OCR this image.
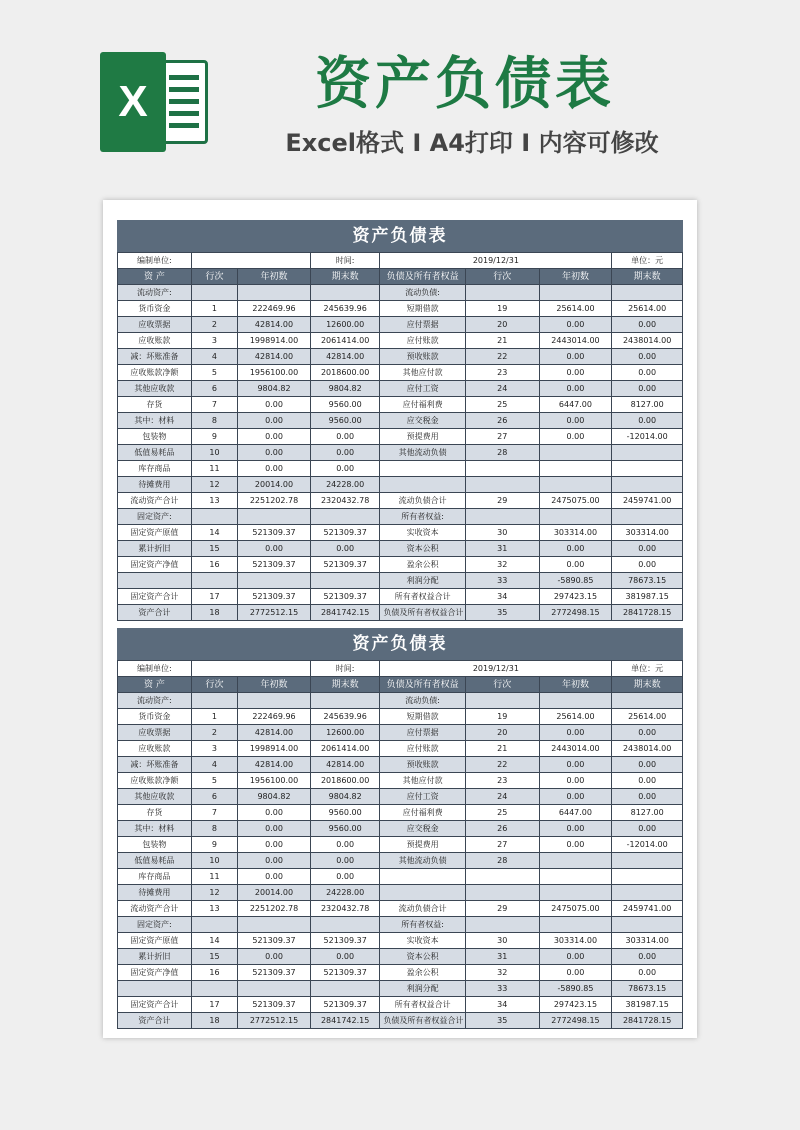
X	资产负债表
Excel格式 I A4打印 I 内容可修改
资产负债表
编制单位:			时间:	2019/12/31			单位：元
资 产	行次	年初数	期末数	负债及所有者权益	行次	年初数	期末数
流动资产:				流动负债:			
货币资金	1	222469.96	245639.96	短期借款	19	25614.00	25614.00
应收票据	2	42814.00	12600.00	应付票据	20	0.00	0.00
应收账款	3	1998914.00	2061414.00	应付账款	21	2443014.00	2438014.00
减：坏账准备	4	42814.00	42814.00	预收账款	22	0.00	0.00
应收账款净额	5	1956100.00	2018600.00	其他应付款	23	0.00	0.00
其他应收款	6	9804.82	9804.82	应付工资	24	0.00	0.00
存货	7	0.00	9560.00	应付福利费	25	6447.00	8127.00
其中：材料	8	0.00	9560.00	应交税金	26	0.00	0.00
包装物	9	0.00	0.00	预提费用	27	0.00	-12014.00
低值易耗品	10	0.00	0.00	其他流动负债	28		
库存商品	11	0.00	0.00				
待摊费用	12	20014.00	24228.00				
流动资产合计	13	2251202.78	2320432.78	流动负债合计	29	2475075.00	2459741.00
固定资产:				所有者权益:			
固定资产原值	14	521309.37	521309.37	实收资本	30	303314.00	303314.00
累计折旧	15	0.00	0.00	资本公积	31	0.00	0.00
固定资产净值	16	521309.37	521309.37	盈余公积	32	0.00	0.00
				利润分配	33	-5890.85	78673.15
固定资产合计	17	521309.37	521309.37	所有者权益合计	34	297423.15	381987.15
资产合计	18	2772512.15	2841742.15	负债及所有者权益合计	35	2772498.15	2841728.15
资产负债表
编制单位:			时间:	2019/12/31			单位：元
资 产	行次	年初数	期末数	负债及所有者权益	行次	年初数	期末数
流动资产:				流动负债:			
货币资金	1	222469.96	245639.96	短期借款	19	25614.00	25614.00
应收票据	2	42814.00	12600.00	应付票据	20	0.00	0.00
应收账款	3	1998914.00	2061414.00	应付账款	21	2443014.00	2438014.00
减：坏账准备	4	42814.00	42814.00	预收账款	22	0.00	0.00
应收账款净额	5	1956100.00	2018600.00	其他应付款	23	0.00	0.00
其他应收款	6	9804.82	9804.82	应付工资	24	0.00	0.00
存货	7	0.00	9560.00	应付福利费	25	6447.00	8127.00
其中：材料	8	0.00	9560.00	应交税金	26	0.00	0.00
包装物	9	0.00	0.00	预提费用	27	0.00	-12014.00
低值易耗品	10	0.00	0.00	其他流动负债	28		
库存商品	11	0.00	0.00				
待摊费用	12	20014.00	24228.00				
流动资产合计	13	2251202.78	2320432.78	流动负债合计	29	2475075.00	2459741.00
固定资产:				所有者权益:			
固定资产原值	14	521309.37	521309.37	实收资本	30	303314.00	303314.00
累计折旧	15	0.00	0.00	资本公积	31	0.00	0.00
固定资产净值	16	521309.37	521309.37	盈余公积	32	0.00	0.00
				利润分配	33	-5890.85	78673.15
固定资产合计	17	521309.37	521309.37	所有者权益合计	34	297423.15	381987.15
资产合计	18	2772512.15	2841742.15	负债及所有者权益合计	35	2772498.15	2841728.15
